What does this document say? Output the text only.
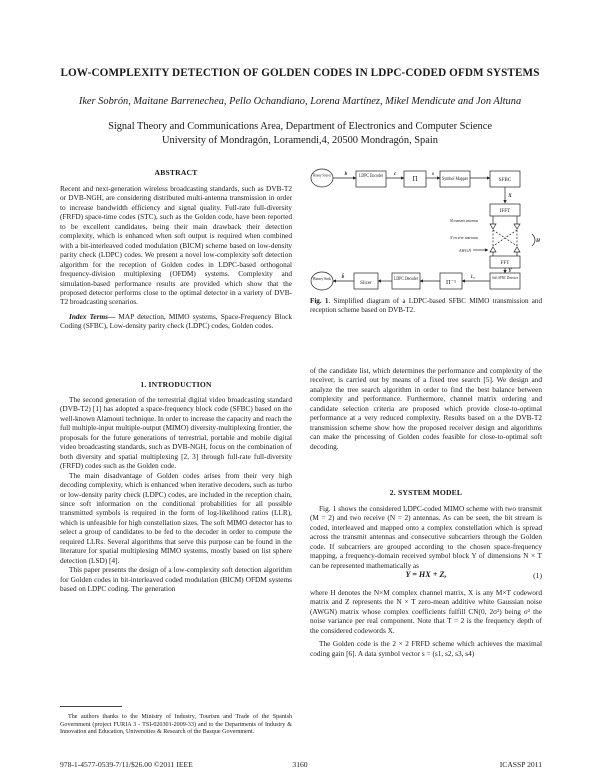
LOW-COMPLEXITY DETECTION OF GOLDEN CODES IN LDPC-CODED OFDM SYSTEMS
Iker Sobrón, Maitane Barrenechea, Pello Ochandiano, Lorena Martínez, Mikel Mendicute and Jon Altuna
Signal Theory and Communications Area, Department of Electronics and Computer Science
University of Mondragón, Loramendi,4, 20500 Mondragón, Spain
ABSTRACT

Recent and next-generation wireless broadcasting standards, such as DVB-T2 or DVB-NGH, are considering distributed multi-antenna transmission in order to increase bandwidth efficiency and signal quality. Full-rate full-diversity (FRFD) space-time codes (STC), such as the Golden code, have been reported to be excellent candidates, being their main drawback their detection complexity, which is enhanced when soft output is required when combined with a bit-interleaved coded modulation (BICM) scheme based on low-density parity check (LDPC) codes. We present a novel low-complexity soft detection algorithm for the reception of Golden codes in LDPC-based orthogonal frequency-division multiplexing (OFDM) systems. Complexity and simulation-based performance results are provided which show that the proposed detector performs close to the optimal detector in a variety of DVB-T2 broadcasting scenarios.

Index Terms— MAP detection, MIMO systems, Space-Frequency Block Coding (SFBC), Low-density parity check (LDPC) codes, Golden codes.

1. INTRODUCTION

The second generation of the terrestrial digital video broadcasting standard (DVB-T2) [1] has adopted a space-frequency block code (SFBC) based on the well-known Alamouti technique. In order to increase the capacity and reach the full multiple-input multiple-output (MIMO) diversity-multiplexing frontier, the proposals for the future generations of terrestrial, portable and mobile digital video broadcasting standards, such as DVB-NGH, focus on the combination of both diversity and spatial multiplexing [2, 3] through full-rate full-diversity (FRFD) codes such as the Golden code.

The main disadvantage of Golden codes arises from their very high decoding complexity, which is enhanced when iterative decoders, such as turbo or low-density parity check (LDPC) codes, are included in the reception chain, since soft information on the conditional probabilities for all possible transmitted symbols is required in the form of log-likelihood ratios (LLR), which is unfeasible for high constellation sizes. The soft MIMO detector has to select a group of candidates to be fed to the decoder in order to compute the required LLRs. Several algorithms that serve this purpose can be found in the literature for spatial multiplexing MIMO systems, mostly based on list sphere detection (LSD) [4].

This paper presents the design of a low-complexity soft detection algorithm for Golden codes in bit-interleaved coded modulation (BICM) OFDM systems based on LDPC coding. The generation

The authors thanks to the Ministry of Industry, Tourism and Trade of the Spanish Government (project FURIA 3 - TSI-020301-2009-33) and to the Departments of Industry & Innovation and Education, Universities & Research of the Basque Government.

Binary Source	LDPC Encoder	Π	Symbol Mapper	SFBC
IFFT
FFT
Soft SFBC Detector
Π⁻¹
LDPC Decoder
Slicer
Binary Sink
b	c	s
X
H
Y
b̂	$L_c$
M transmit antennas
N receive antennas
AWGN
Fig. 1. Simplified diagram of a LDPC-based SFBC MIMO transmission and reception scheme based on DVB-T2.

of the candidate list, which determines the performance and complexity of the receiver, is carried out by means of a fixed tree search [5]. We design and analyze the tree search algorithm in order to find the best balance between complexity and performance. Furthermore, channel matrix ordering and candidate selection criteria are proposed which provide close-to-optimal performance at a very reduced complexity. Results based on a the DVB-T2 transmission scheme show how the proposed receiver design and algorithms can make the processing of Golden codes feasible for close-to-optimal soft decoding.

2. SYSTEM MODEL

Fig. 1 shows the considered LDPC-coded MIMO scheme with two transmit (M = 2) and two receive (N = 2) antennas. As can be seen, the bit stream is coded, interleaved and mapped onto a complex constellation which is spread across the transmit antennas and consecutive subcarriers through the Golden code. If subcarriers are grouped according to the chosen space-frequency mapping, a frequency-domain received symbol block Y of dimensions N × T can be represented mathematically as

Y = HX + Z,	(1)

where H denotes the N×M complex channel matrix, X is any M×T codeword matrix and Z represents the N × T zero-mean additive white Gaussian noise (AWGN) matrix whose complex coefficients fulfill CN(0, 2σ²) being σ² the noise variance per real component. Note that T = 2 is the frequency depth of the considered codewords X.

The Golden code is the 2 × 2 FRFD scheme which achieves the maximal coding gain [6]. A data symbol vector s = (s1, s2, s3, s4)

978-1-4577-0539-7/11/$26.00 ©2011 IEEE	3160	ICASSP 2011
